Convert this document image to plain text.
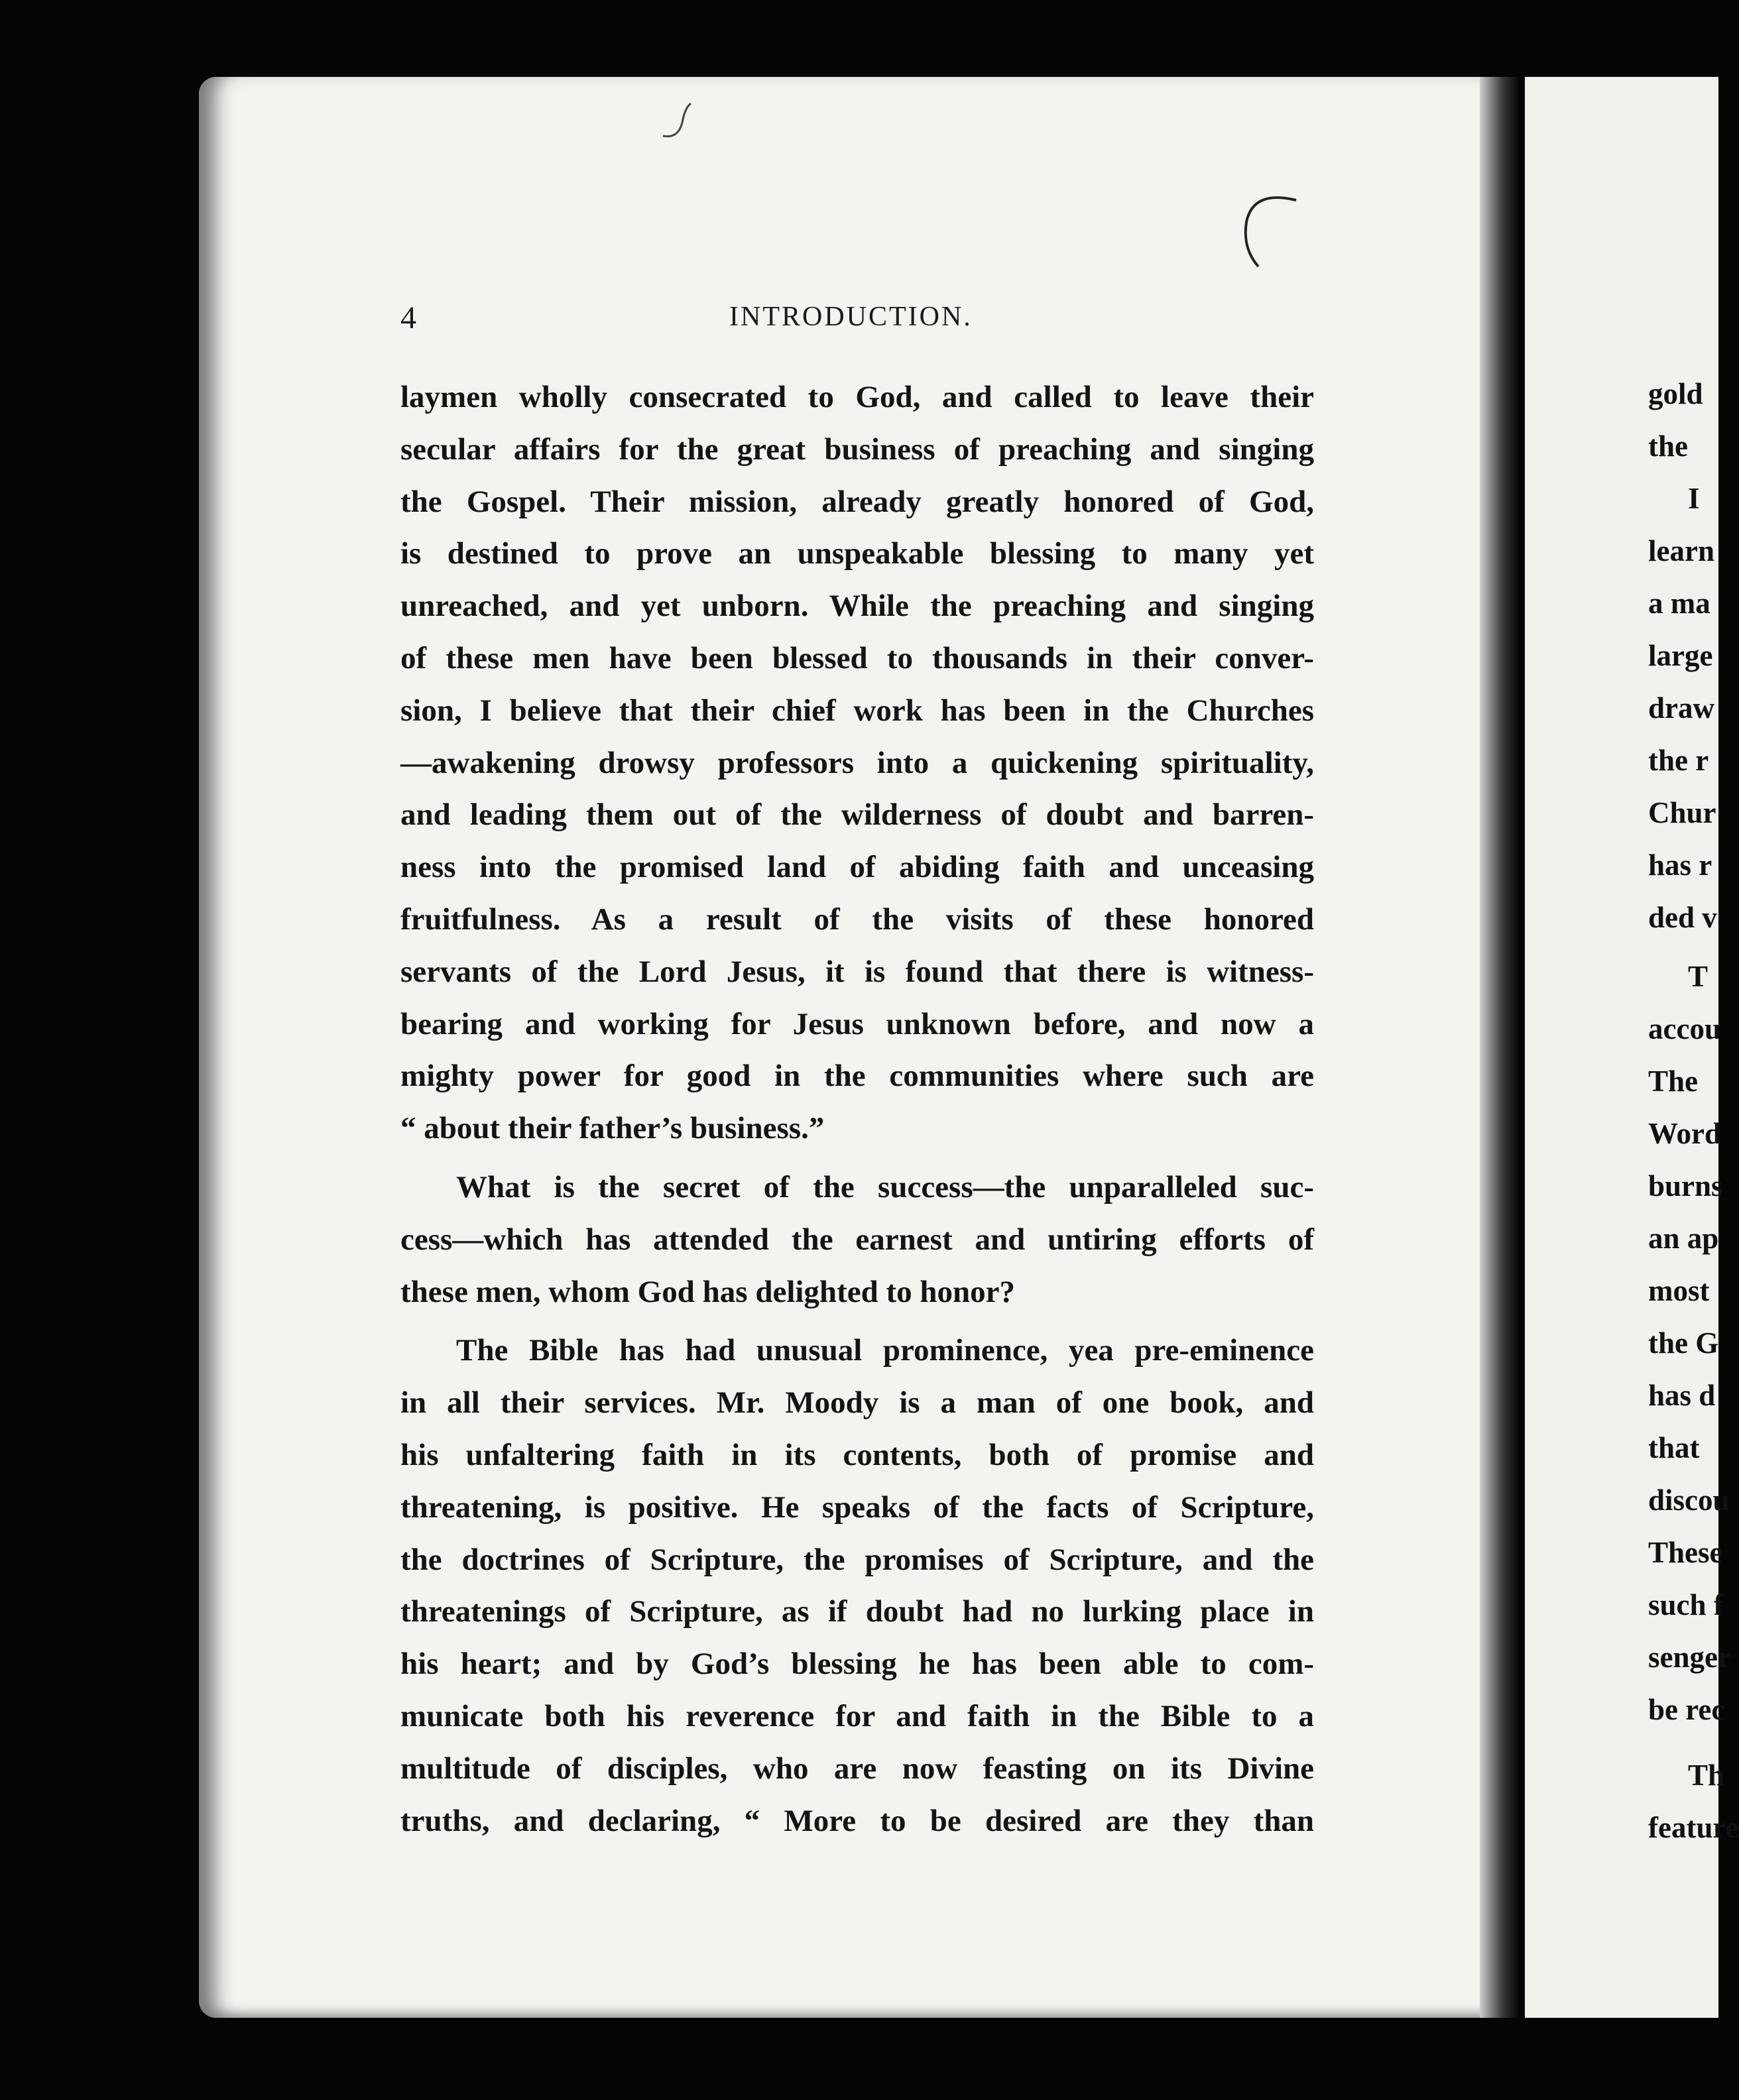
gold
the
I
learn
a ma
large
draw
the r
Chur
has r
ded v
T
accou
The
Word
burns
an ap
most
the G
has d
that
discou
These
such f
senger
be rec
Th
feature
4	INTRODUCTION.
laymen wholly consecrated to God, and called to leave their
secular affairs for the great business of preaching and singing
the Gospel. Their mission, already greatly honored of God,
is destined to prove an unspeakable blessing to many yet
unreached, and yet unborn. While the preaching and singing
of these men have been blessed to thousands in their conver-
sion, I believe that their chief work has been in the Churches
—awakening drowsy professors into a quickening spirituality,
and leading them out of the wilderness of doubt and barren-
ness into the promised land of abiding faith and unceasing
fruitfulness. As a result of the visits of these honored
servants of the Lord Jesus, it is found that there is witness-
bearing and working for Jesus unknown before, and now a
mighty power for good in the communities where such are
“ about their father’s business.”
What is the secret of the success—the unparalleled suc-
cess—which has attended the earnest and untiring efforts of
these men, whom God has delighted to honor?
The Bible has had unusual prominence, yea pre-eminence
in all their services. Mr. Moody is a man of one book, and
his unfaltering faith in its contents, both of promise and
threatening, is positive. He speaks of the facts of Scripture,
the doctrines of Scripture, the promises of Scripture, and the
threatenings of Scripture, as if doubt had no lurking place in
his heart; and by God’s blessing he has been able to com-
municate both his reverence for and faith in the Bible to a
multitude of disciples, who are now feasting on its Divine
truths, and declaring, “ More to be desired are they than
